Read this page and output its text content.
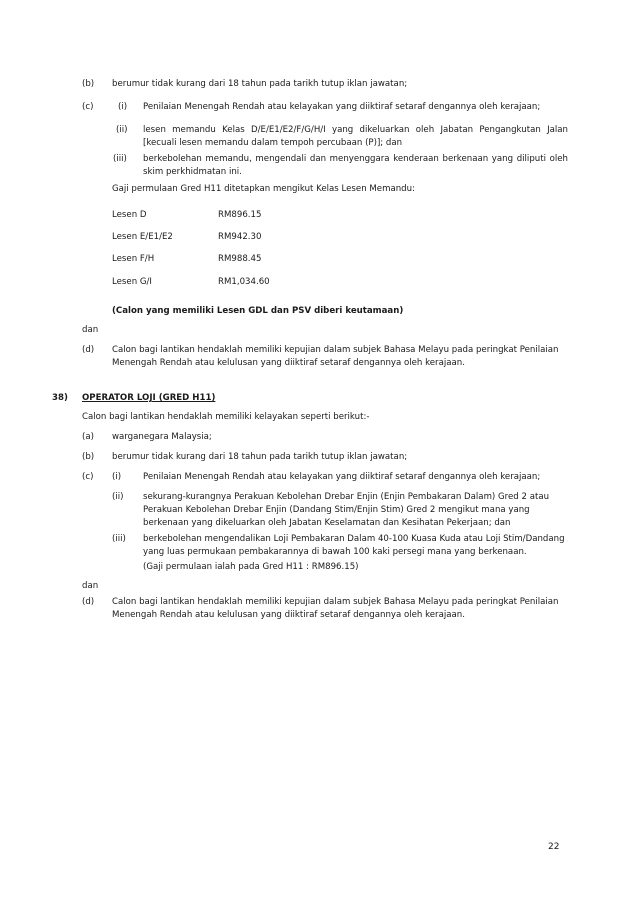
(b) berumur tidak kurang dari 18 tahun pada tarikh tutup iklan jawatan;
(c)	(i) Penilaian Menengah Rendah atau kelayakan yang diiktiraf setaraf dengannya oleh kerajaan;
(ii) lesen memandu Kelas D/E/E1/E2/F/G/H/I yang dikeluarkan oleh Jabatan Pengangkutan Jalan [kecuali lesen memandu dalam tempoh percubaan (P)]; dan
(iii) berkebolehan memandu, mengendali dan menyenggara kenderaan berkenaan yang diliputi oleh skim perkhidmatan ini.
Gaji permulaan Gred H11 ditetapkan mengikut Kelas Lesen Memandu:
Lesen D	RM896.15
Lesen E/E1/E2	RM942.30
Lesen F/H	RM988.45
Lesen G/I	RM1,034.60
(Calon yang memiliki Lesen GDL dan PSV diberi keutamaan)
dan
(d) Calon bagi lantikan hendaklah memiliki kepujian dalam subjek Bahasa Melayu pada peringkat Penilaian Menengah Rendah atau kelulusan yang diiktiraf setaraf dengannya oleh kerajaan.
38) OPERATOR LOJI (GRED H11)
Calon bagi lantikan hendaklah memiliki kelayakan seperti berikut:-
(a) warganegara Malaysia;
(b) berumur tidak kurang dari 18 tahun pada tarikh tutup iklan jawatan;
(c) (i)	Penilaian Menengah Rendah atau kelayakan yang diiktiraf setaraf dengannya oleh kerajaan;
(ii) sekurang-kurangnya Perakuan Kebolehan Drebar Enjin (Enjin Pembakaran Dalam) Gred 2 atau Perakuan Kebolehan Drebar Enjin (Dandang Stim/Enjin Stim) Gred 2 mengikut mana yang berkenaan yang dikeluarkan oleh Jabatan Keselamatan dan Kesihatan Pekerjaan; dan
(iii) berkebolehan mengendalikan Loji Pembakaran Dalam 40-100 Kuasa Kuda atau Loji Stim/Dandang yang luas permukaan pembakarannya di bawah 100 kaki persegi mana yang berkenaan.
(Gaji permulaan ialah pada Gred H11 : RM896.15)
dan
(d) Calon bagi lantikan hendaklah memiliki kepujian dalam subjek Bahasa Melayu pada peringkat Penilaian Menengah Rendah atau kelulusan yang diiktiraf setaraf dengannya oleh kerajaan.
22
